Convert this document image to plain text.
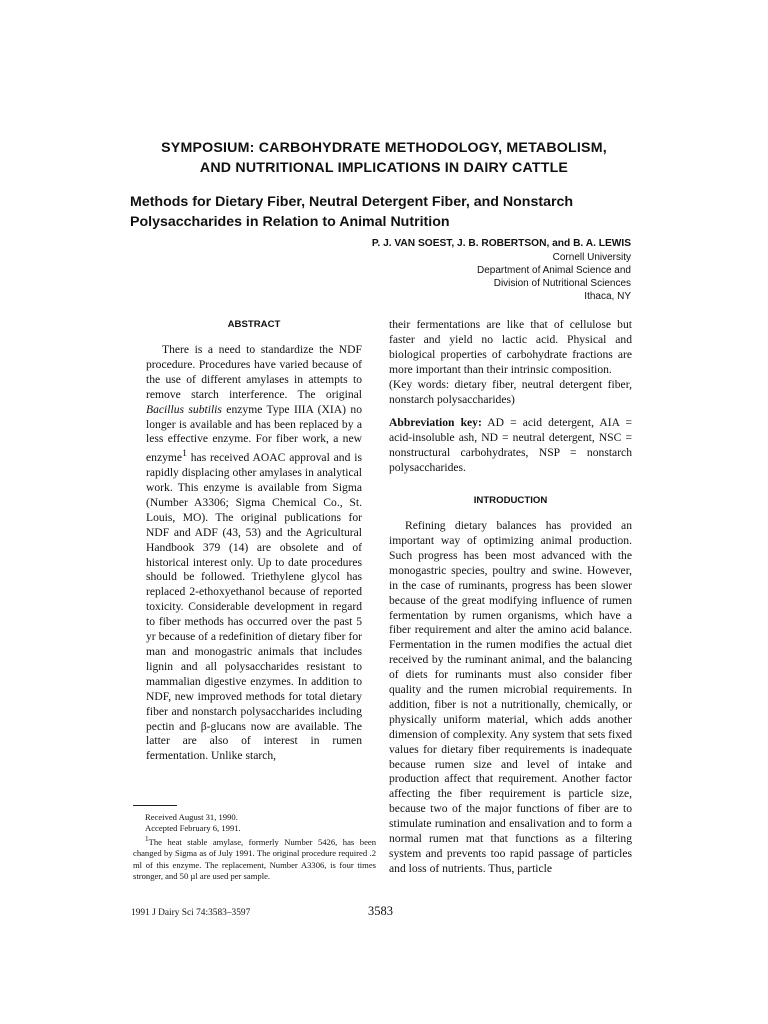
SYMPOSIUM: CARBOHYDRATE METHODOLOGY, METABOLISM,
AND NUTRITIONAL IMPLICATIONS IN DAIRY CATTLE
Methods for Dietary Fiber, Neutral Detergent Fiber, and Nonstarch
Polysaccharides in Relation to Animal Nutrition
P. J. VAN SOEST, J. B. ROBERTSON, and B. A. LEWIS
Cornell University
Department of Animal Science and
Division of Nutritional Sciences
Ithaca, NY
ABSTRACT

There is a need to standardize the NDF procedure. Procedures have varied because of the use of different amylases in attempts to remove starch interference. The original Bacillus subtilis enzyme Type IIIA (XIA) no longer is available and has been replaced by a less effective enzyme. For fiber work, a new enzyme$^1$ has received AOAC approval and is rapidly displacing other amylases in analytical work. This enzyme is available from Sigma (Number A3306; Sigma Chemical Co., St. Louis, MO). The original publications for NDF and ADF (43, 53) and the Agricultural Handbook 379 (14) are obsolete and of historical interest only. Up to date procedures should be followed. Triethylene glycol has replaced 2-ethoxyethanol because of reported toxicity. Considerable development in regard to fiber methods has occurred over the past 5 yr because of a redefinition of dietary fiber for man and monogastric animals that includes lignin and all polysaccharides resistant to mammalian digestive enzymes. In addition to NDF, new improved methods for total dietary fiber and nonstarch polysaccharides including pectin and β-glucans now are available. The latter are also of interest in rumen fermentation. Unlike starch,

their fermentations are like that of cellulose but faster and yield no lactic acid. Physical and biological properties of carbohydrate fractions are more important than their intrinsic composition.

(Key words: dietary fiber, neutral detergent fiber, nonstarch polysaccharides)

Abbreviation key: AD = acid detergent, AIA = acid-insoluble ash, ND = neutral detergent, NSC = nonstructural carbohydrates, NSP = nonstarch polysaccharides.

INTRODUCTION

Refining dietary balances has provided an important way of optimizing animal production. Such progress has been most advanced with the monogastric species, poultry and swine. However, in the case of ruminants, progress has been slower because of the great modifying influence of rumen fermentation by rumen organisms, which have a fiber requirement and alter the amino acid balance. Fermentation in the rumen modifies the actual diet received by the ruminant animal, and the balancing of diets for ruminants must also consider fiber quality and the rumen microbial requirements. In addition, fiber is not a nutritionally, chemically, or physically uniform material, which adds another dimension of complexity. Any system that sets fixed values for dietary fiber requirements is inadequate because rumen size and level of intake and production affect that requirement. Another factor affecting the fiber requirement is particle size, because two of the major functions of fiber are to stimulate rumination and ensalivation and to form a normal rumen mat that functions as a filtering system and prevents too rapid passage of particles and loss of nutrients. Thus, particle

Received August 31, 1990.
Accepted February 6, 1991.
$^1$The heat stable amylase, formerly Number 5426, has been changed by Sigma as of July 1991. The original procedure required .2 ml of this enzyme. The replacement, Number A3306, is four times stronger, and 50 µl are used per sample.
1991 J Dairy Sci 74:3583–3597	3583
